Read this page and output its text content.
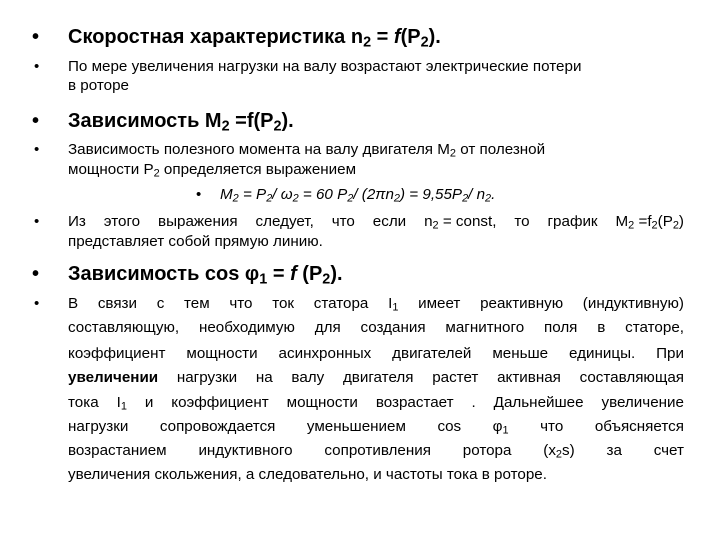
• Скоростная характеристика $n_2 = f(P_2)$.
• По мере увеличения нагрузки на валу возрастают электрические потери
в роторе
• Зависимость $M_2 =f(P_2)$.
• Зависимость полезного момента на валу двигателя $M_2$ от полезной
мощности $P_2$ определяется выражением
• $M_2 = P_2/$ $\omega_2 = 60$ $P_2/$ $(2\pi n_2) = 9,55P_2/$ $n_2$.
• Из этого выражения следует, что если $n_2$ = const, то график $M_2 =f_2(P_2)$
представляет собой прямую линию.
• Зависимость $\cos \varphi_1 = f$ $(P_2)$.
• В связи с тем что ток статора $I_1$ имеет реактивную (индуктивную)
составляющую, необходимую для создания магнитного поля в статоре,
коэффициент мощности асинхронных двигателей меньше единицы. При
увеличении нагрузки на валу двигателя растет активная составляющая
тока $I_1$ и коэффициент мощности возрастает . Дальнейшее увеличение
нагрузки сопровождается уменьшением $\cos \varphi_1$ что объясняется
возрастанием индуктивного сопротивления ротора $(x_2s)$ за счет
увеличения скольжения, а следовательно, и частоты тока в роторе.
